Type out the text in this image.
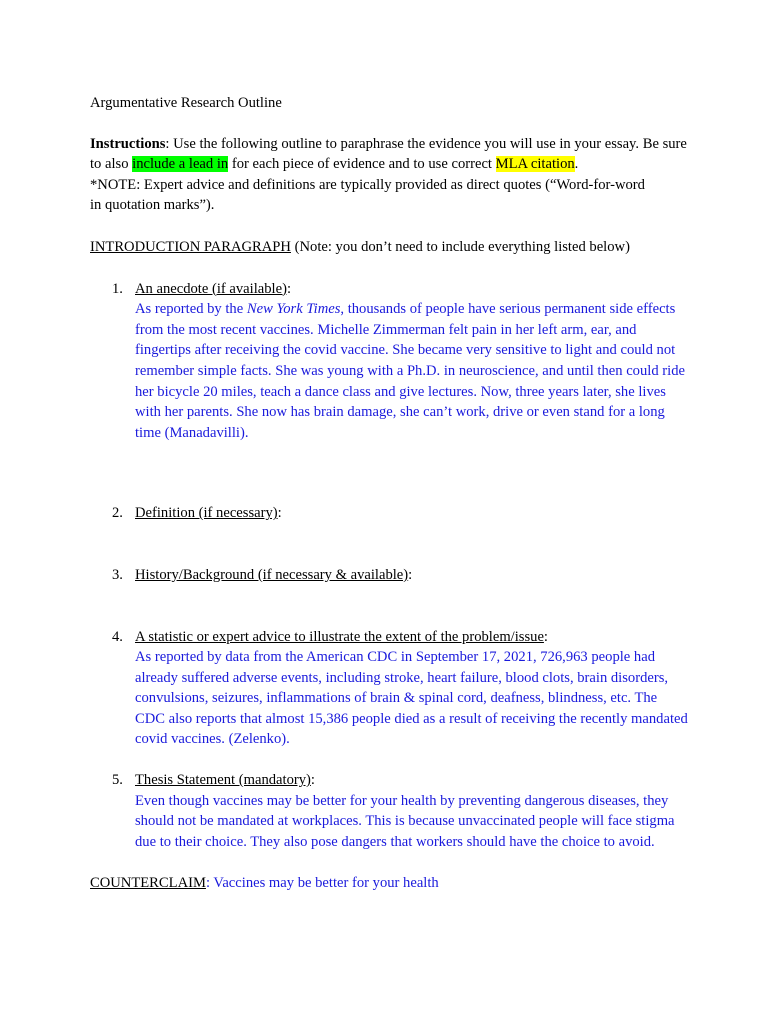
Argumentative Research Outline
Instructions: Use the following outline to paraphrase the evidence you will use in your essay. Be sure to also include a lead in for each piece of evidence and to use correct MLA citation.
*NOTE: Expert advice and definitions are typically provided as direct quotes (“Word-for-word in quotation marks”).
INTRODUCTION PARAGRAPH (Note: you don’t need to include everything listed below)
1. An anecdote (if available):
As reported by the New York Times, thousands of people have serious permanent side effects from the most recent vaccines. Michelle Zimmerman felt pain in her left arm, ear, and fingertips after receiving the covid vaccine. She became very sensitive to light and could not remember simple facts. She was young with a Ph.D. in neuroscience, and until then could ride her bicycle 20 miles, teach a dance class and give lectures. Now, three years later, she lives with her parents. She now has brain damage, she can’t work, drive or even stand for a long time (Manadavilli).
2. Definition (if necessary):
3. History/Background (if necessary & available):
4. A statistic or expert advice to illustrate the extent of the problem/issue:
As reported by data from the American CDC in September 17, 2021, 726,963 people had already suffered adverse events, including stroke, heart failure, blood clots, brain disorders, convulsions, seizures, inflammations of brain & spinal cord, deafness, blindness, etc. The CDC also reports that almost 15,386 people died as a result of receiving the recently mandated covid vaccines. (Zelenko).
5. Thesis Statement (mandatory):
Even though vaccines may be better for your health by preventing dangerous diseases, they should not be mandated at workplaces. This is because unvaccinated people will face stigma due to their choice. They also pose dangers that workers should have the choice to avoid.
COUNTERCLAIM: Vaccines may be better for your health
